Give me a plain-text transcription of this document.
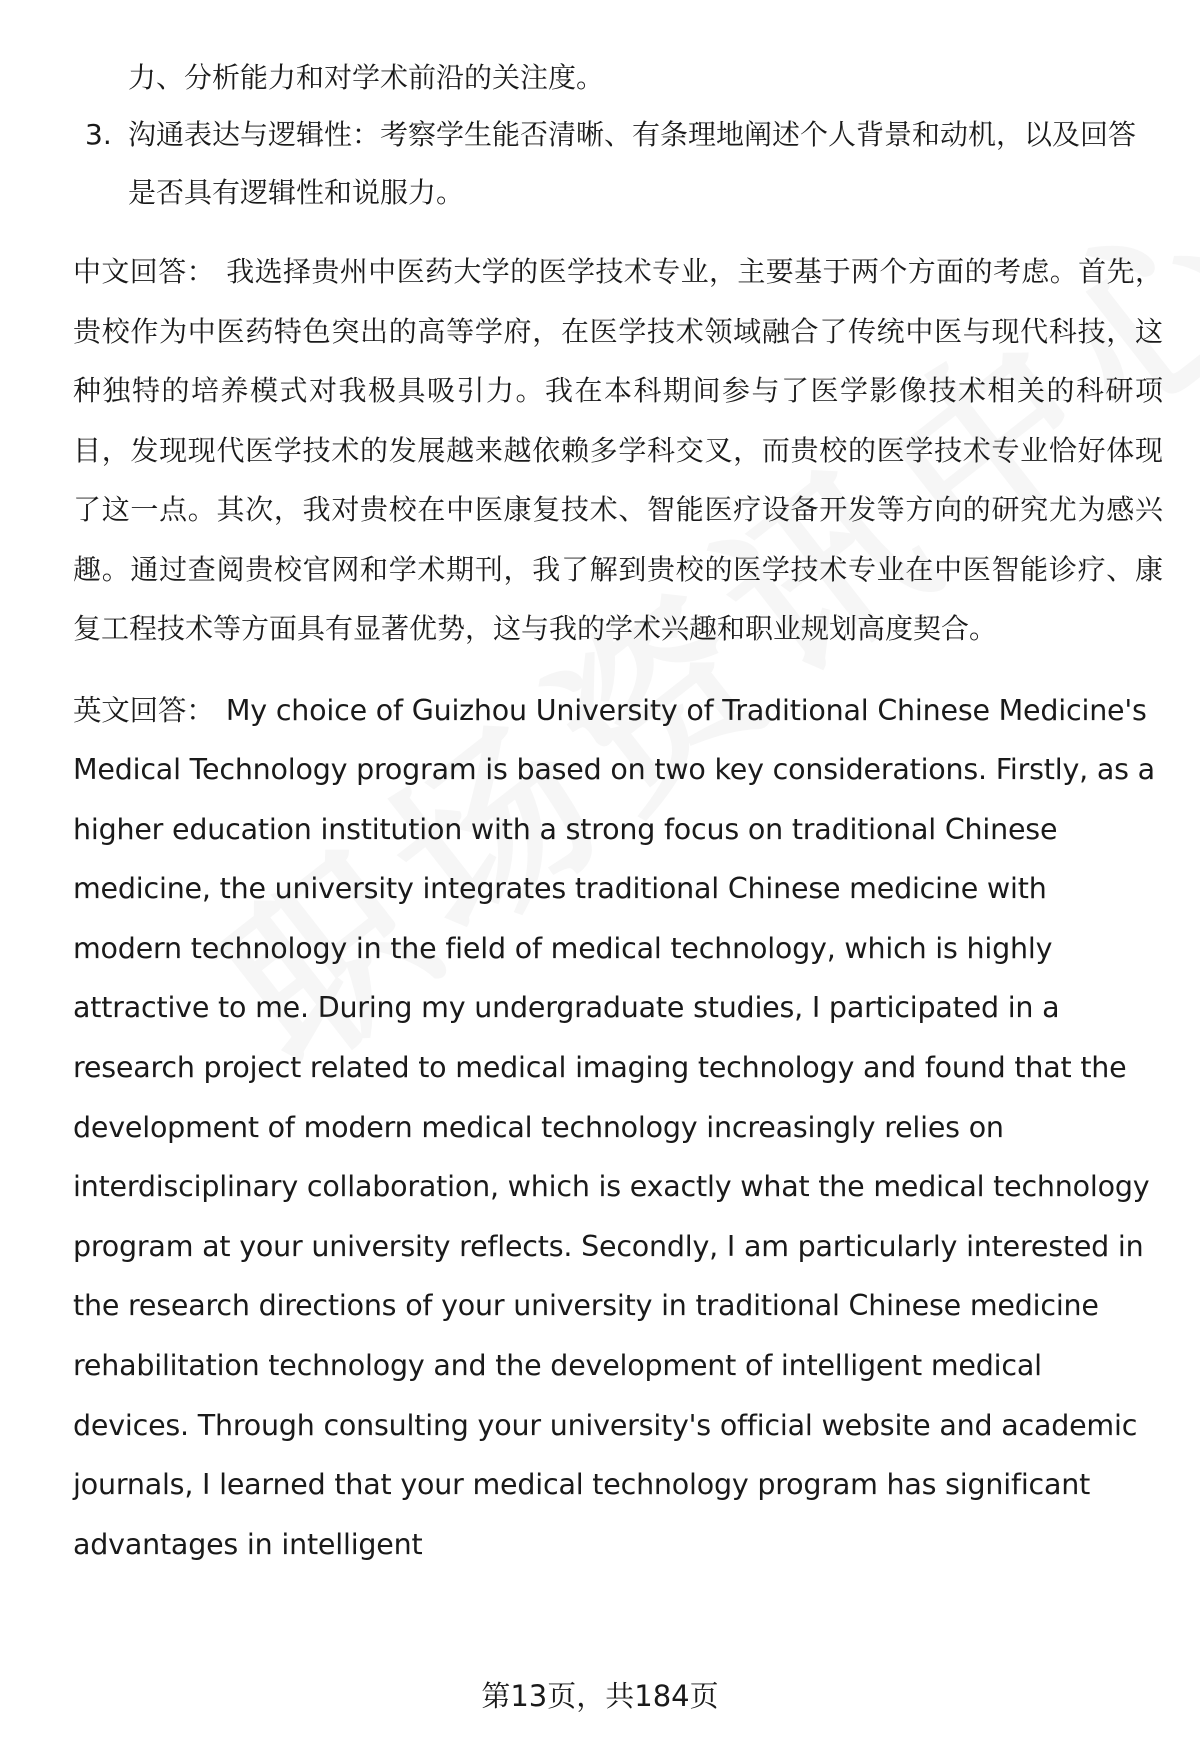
力、分析能力和对学术前沿的关注度。

3. 沟通表达与逻辑性：考察学生能否清晰、有条理地阐述个人背景和动机，以及回答是否具有逻辑性和说服力。

中文回答： 我选择贵州中医药大学的医学技术专业，主要基于两个方面的考虑。首先，贵校作为中医药特色突出的高等学府，在医学技术领域融合了传统中医与现代科技，这种独特的培养模式对我极具吸引力。我在本科期间参与了医学影像技术相关的科研项目，发现现代医学技术的发展越来越依赖多学科交叉，而贵校的医学技术专业恰好体现了这一点。其次，我对贵校在中医康复技术、智能医疗设备开发等方向的研究尤为感兴趣。通过查阅贵校官网和学术期刊，我了解到贵校的医学技术专业在中医智能诊疗、康复工程技术等方面具有显著优势，这与我的学术兴趣和职业规划高度契合。

英文回答： My choice of Guizhou University of Traditional Chinese Medicine's Medical Technology program is based on two key considerations. Firstly, as a higher education institution with a strong focus on traditional Chinese medicine, the university integrates traditional Chinese medicine with modern technology in the field of medical technology, which is highly attractive to me. During my undergraduate studies, I participated in a research project related to medical imaging technology and found that the development of modern medical technology increasingly relies on interdisciplinary collaboration, which is exactly what the medical technology program at your university reflects. Secondly, I am particularly interested in the research directions of your university in traditional Chinese medicine rehabilitation technology and the development of intelligent medical devices. Through consulting your university's official website and academic journals, I learned that your medical technology program has significant advantages in intelligent

第13页，共184页
